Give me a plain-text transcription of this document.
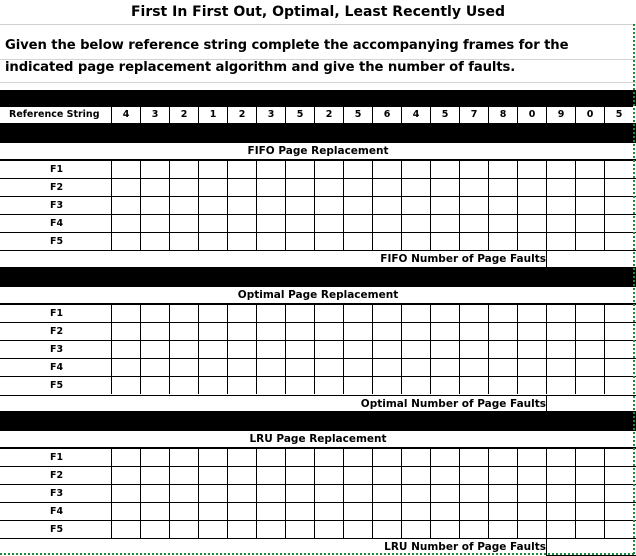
First In First Out, Optimal, Least Recently Used
Given the below reference string complete the accompanying frames for the indicated page replacement algorithm and give the number of faults.
Reference String	4	3	2	1	2	3	5	2	5	6	4	5	7	8	0	9	0	5
FIFO Page Replacement
F1
F2
F3
F4
F5
FIFO Number of Page Faults
Optimal Page Replacement
F1
F2
F3
F4
F5
Optimal Number of Page Faults
LRU Page Replacement
F1
F2
F3
F4
F5
LRU Number of Page Faults
